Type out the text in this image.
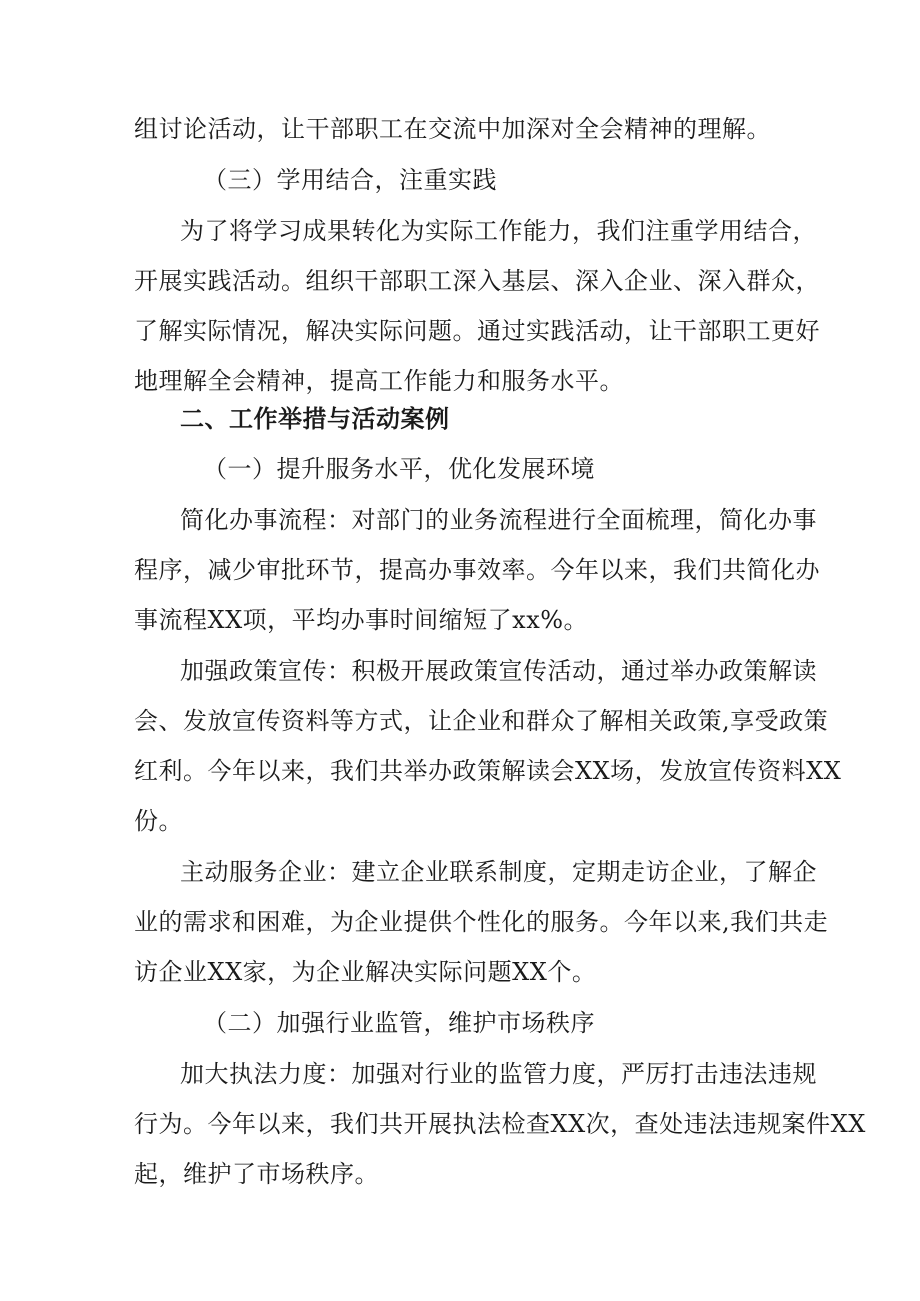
组讨论活动，让干部职工在交流中加深对全会精神的理解。

（三）学用结合，注重实践

为了将学习成果转化为实际工作能力，我们注重学用结合，

开展实践活动。组织干部职工深入基层、深入企业、深入群众，

了解实际情况，解决实际问题。通过实践活动，让干部职工更好

地理解全会精神，提高工作能力和服务水平。

二、工作举措与活动案例

（一）提升服务水平，优化发展环境

简化办事流程：对部门的业务流程进行全面梳理，简化办事

程序，减少审批环节，提高办事效率。今年以来，我们共简化办

事流程XX项，平均办事时间缩短了xx%。

加强政策宣传：积极开展政策宣传活动，通过举办政策解读

会、发放宣传资料等方式，让企业和群众了解相关政策,享受政策

红利。今年以来，我们共举办政策解读会XX场，发放宣传资料XX

份。

主动服务企业：建立企业联系制度，定期走访企业，了解企

业的需求和困难，为企业提供个性化的服务。今年以来,我们共走

访企业XX家，为企业解决实际问题XX个。

（二）加强行业监管，维护市场秩序

加大执法力度：加强对行业的监管力度，严厉打击违法违规

行为。今年以来，我们共开展执法检查XX次，查处违法违规案件XX

起，维护了市场秩序。
